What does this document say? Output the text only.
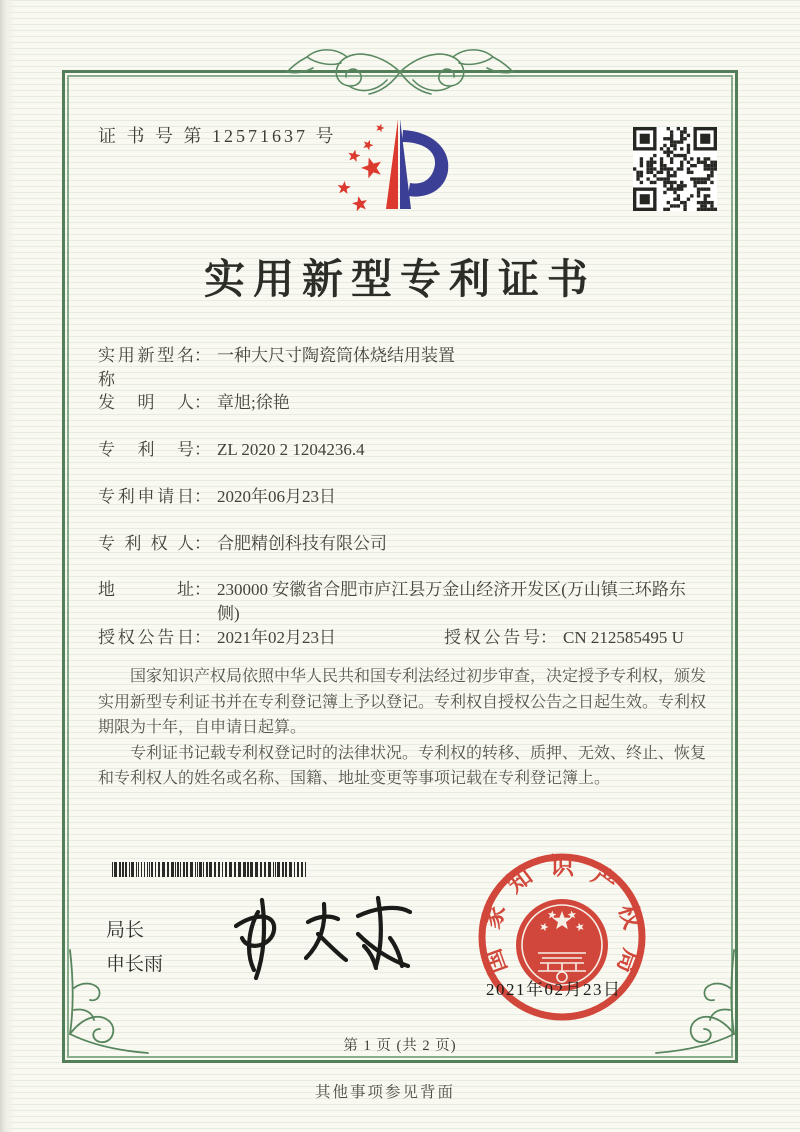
证 书 号 第 12571637 号
实用新型专利证书
实用新型名称： 一种大尺寸陶瓷筒体烧结用装置
发明人： 章旭;徐艳
专利号： ZL 2020 2 1204236.4
专利申请日： 2020年06月23日
专利权人： 合肥精创科技有限公司
地址： 230000 安徽省合肥市庐江县万金山经济开发区(万山镇三环路东侧)
授权公告日： 2021年02月23日	授权公告号： CN 212585495 U

国家知识产权局依照中华人民共和国专利法经过初步审查，决定授予专利权，颁发实用新型专利证书并在专利登记簿上予以登记。专利权自授权公告之日起生效。专利权期限为十年，自申请日起算。

专利证书记载专利权登记时的法律状况。专利权的转移、质押、无效、终止、恢复和专利权人的姓名或名称、国籍、地址变更等事项记载在专利登记簿上。

局长
申长雨	国
家
知 识 产
权
局
2021年02月23日
第 1 页 (共 2 页)
其他事项参见背面
